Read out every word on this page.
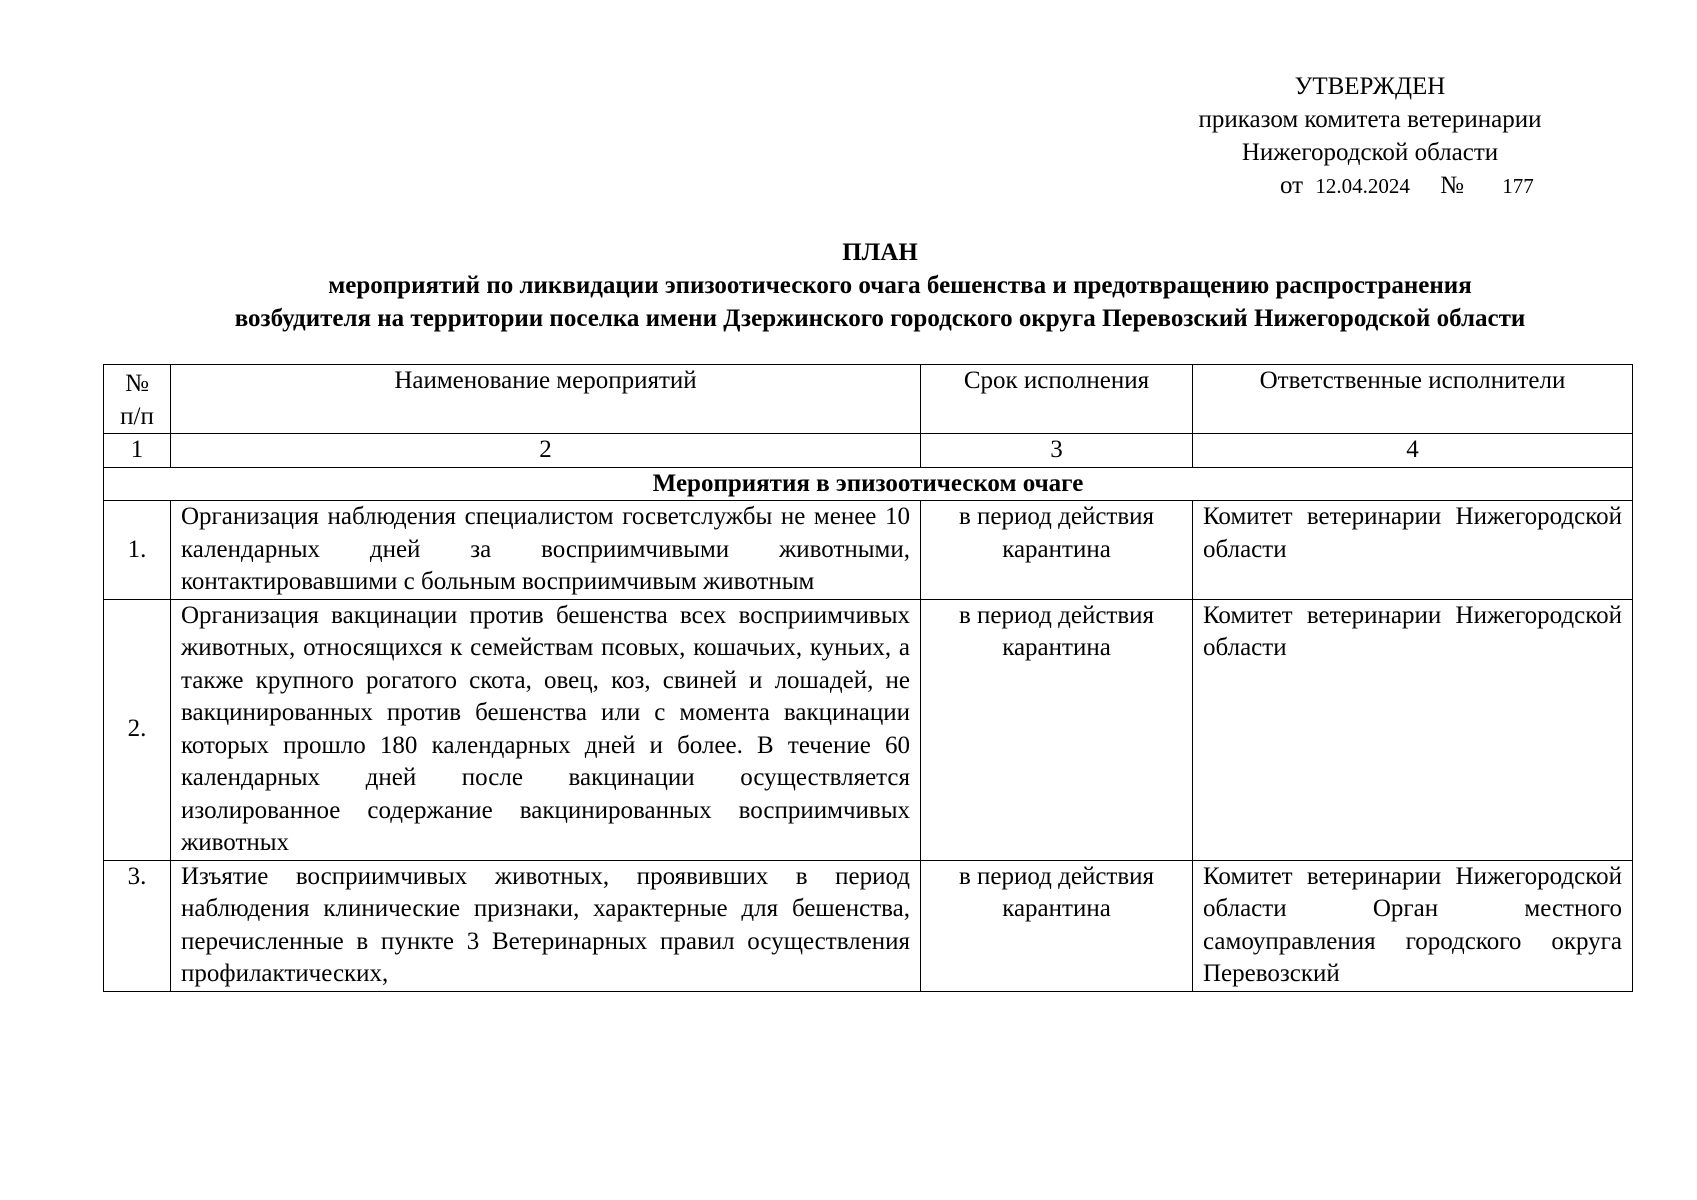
УТВЕРЖДЕН
приказом комитета ветеринарии
Нижегородской области
от 12.04.2024 № 177
ПЛАН
мероприятий по ликвидации эпизоотического очага бешенства и предотвращению распространения
возбудителя на территории поселка имени Дзержинского городского округа Перевозский Нижегородской области
№ п/п	Наименование мероприятий	Срок исполнения	Ответственные исполнители
1	2	3	4
Мероприятия в эпизоотическом очаге			
1.	Организация наблюдения специалистом госветслужбы не менее 10 календарных дней за восприимчивыми животными, контактировавшими с больным восприимчивым животным	в период действия карантина	Комитет ветеринарии Нижегородской области
2.	Организация вакцинации против бешенства всех восприимчивых животных, относящихся к семействам псовых, кошачьих, куньих, а также крупного рогатого скота, овец, коз, свиней и лошадей, не вакцинированных против бешенства или с момента вакцинации которых прошло 180 календарных дней и более. В течение 60 календарных дней после вакцинации осуществляется изолированное содержание вакцинированных восприимчивых животных	в период действия карантина	Комитет ветеринарии Нижегородской области
3.	Изъятие восприимчивых животных, проявивших в период наблюдения клинические признаки, характерные для бешенства, перечисленные в пункте 3 Ветеринарных правил осуществления профилактических,	в период действия карантина	Комитет ветеринарии Нижегородской области Орган местного самоуправления городского округа Перевозский
